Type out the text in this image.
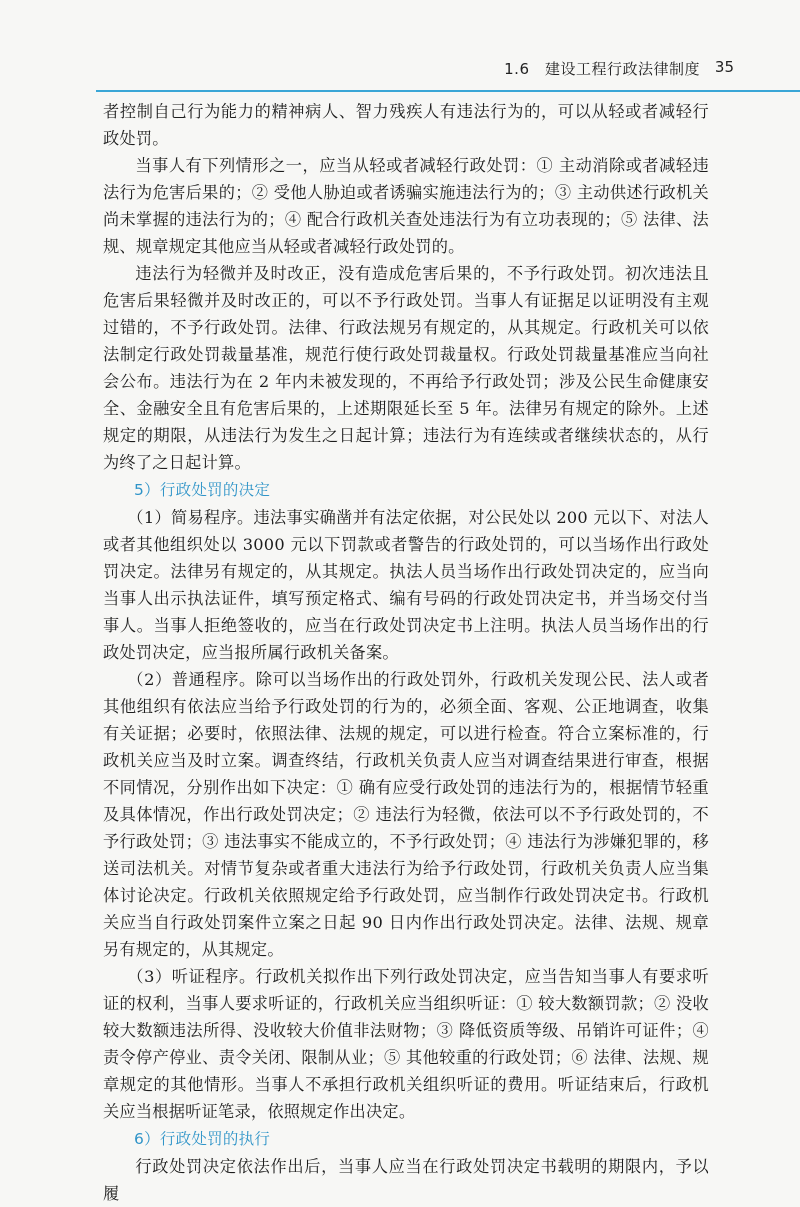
1.6　建设工程行政法律制度 35

者控制自己行为能力的精神病人、智力残疾人有违法行为的，可以从轻或者减轻行政处罚。

当事人有下列情形之一，应当从轻或者减轻行政处罚：① 主动消除或者减轻违法行为危害后果的；② 受他人胁迫或者诱骗实施违法行为的；③ 主动供述行政机关尚未掌握的违法行为的；④ 配合行政机关查处违法行为有立功表现的；⑤ 法律、法规、规章规定其他应当从轻或者减轻行政处罚的。

违法行为轻微并及时改正，没有造成危害后果的，不予行政处罚。初次违法且危害后果轻微并及时改正的，可以不予行政处罚。当事人有证据足以证明没有主观过错的，不予行政处罚。法律、行政法规另有规定的，从其规定。行政机关可以依法制定行政处罚裁量基准，规范行使行政处罚裁量权。行政处罚裁量基准应当向社会公布。违法行为在 2 年内未被发现的，不再给予行政处罚；涉及公民生命健康安全、金融安全且有危害后果的，上述期限延长至 5 年。法律另有规定的除外。上述规定的期限，从违法行为发生之日起计算；违法行为有连续或者继续状态的，从行为终了之日起计算。

5）行政处罚的决定

（1）简易程序。违法事实确凿并有法定依据，对公民处以 200 元以下、对法人或者其他组织处以 3000 元以下罚款或者警告的行政处罚的，可以当场作出行政处罚决定。法律另有规定的，从其规定。执法人员当场作出行政处罚决定的，应当向当事人出示执法证件，填写预定格式、编有号码的行政处罚决定书，并当场交付当事人。当事人拒绝签收的，应当在行政处罚决定书上注明。执法人员当场作出的行政处罚决定，应当报所属行政机关备案。

（2）普通程序。除可以当场作出的行政处罚外，行政机关发现公民、法人或者其他组织有依法应当给予行政处罚的行为的，必须全面、客观、公正地调查，收集有关证据；必要时，依照法律、法规的规定，可以进行检查。符合立案标准的，行政机关应当及时立案。调查终结，行政机关负责人应当对调查结果进行审查，根据不同情况，分别作出如下决定：① 确有应受行政处罚的违法行为的，根据情节轻重及具体情况，作出行政处罚决定；② 违法行为轻微，依法可以不予行政处罚的，不予行政处罚；③ 违法事实不能成立的，不予行政处罚；④ 违法行为涉嫌犯罪的，移送司法机关。对情节复杂或者重大违法行为给予行政处罚，行政机关负责人应当集体讨论决定。行政机关依照规定给予行政处罚，应当制作行政处罚决定书。行政机关应当自行政处罚案件立案之日起 90 日内作出行政处罚决定。法律、法规、规章另有规定的，从其规定。

（3）听证程序。行政机关拟作出下列行政处罚决定，应当告知当事人有要求听证的权利，当事人要求听证的，行政机关应当组织听证：① 较大数额罚款；② 没收较大数额违法所得、没收较大价值非法财物；③ 降低资质等级、吊销许可证件；④ 责令停产停业、责令关闭、限制从业；⑤ 其他较重的行政处罚；⑥ 法律、法规、规章规定的其他情形。当事人不承担行政机关组织听证的费用。听证结束后，行政机关应当根据听证笔录，依照规定作出决定。

6）行政处罚的执行

行政处罚决定依法作出后，当事人应当在行政处罚决定书载明的期限内，予以履
